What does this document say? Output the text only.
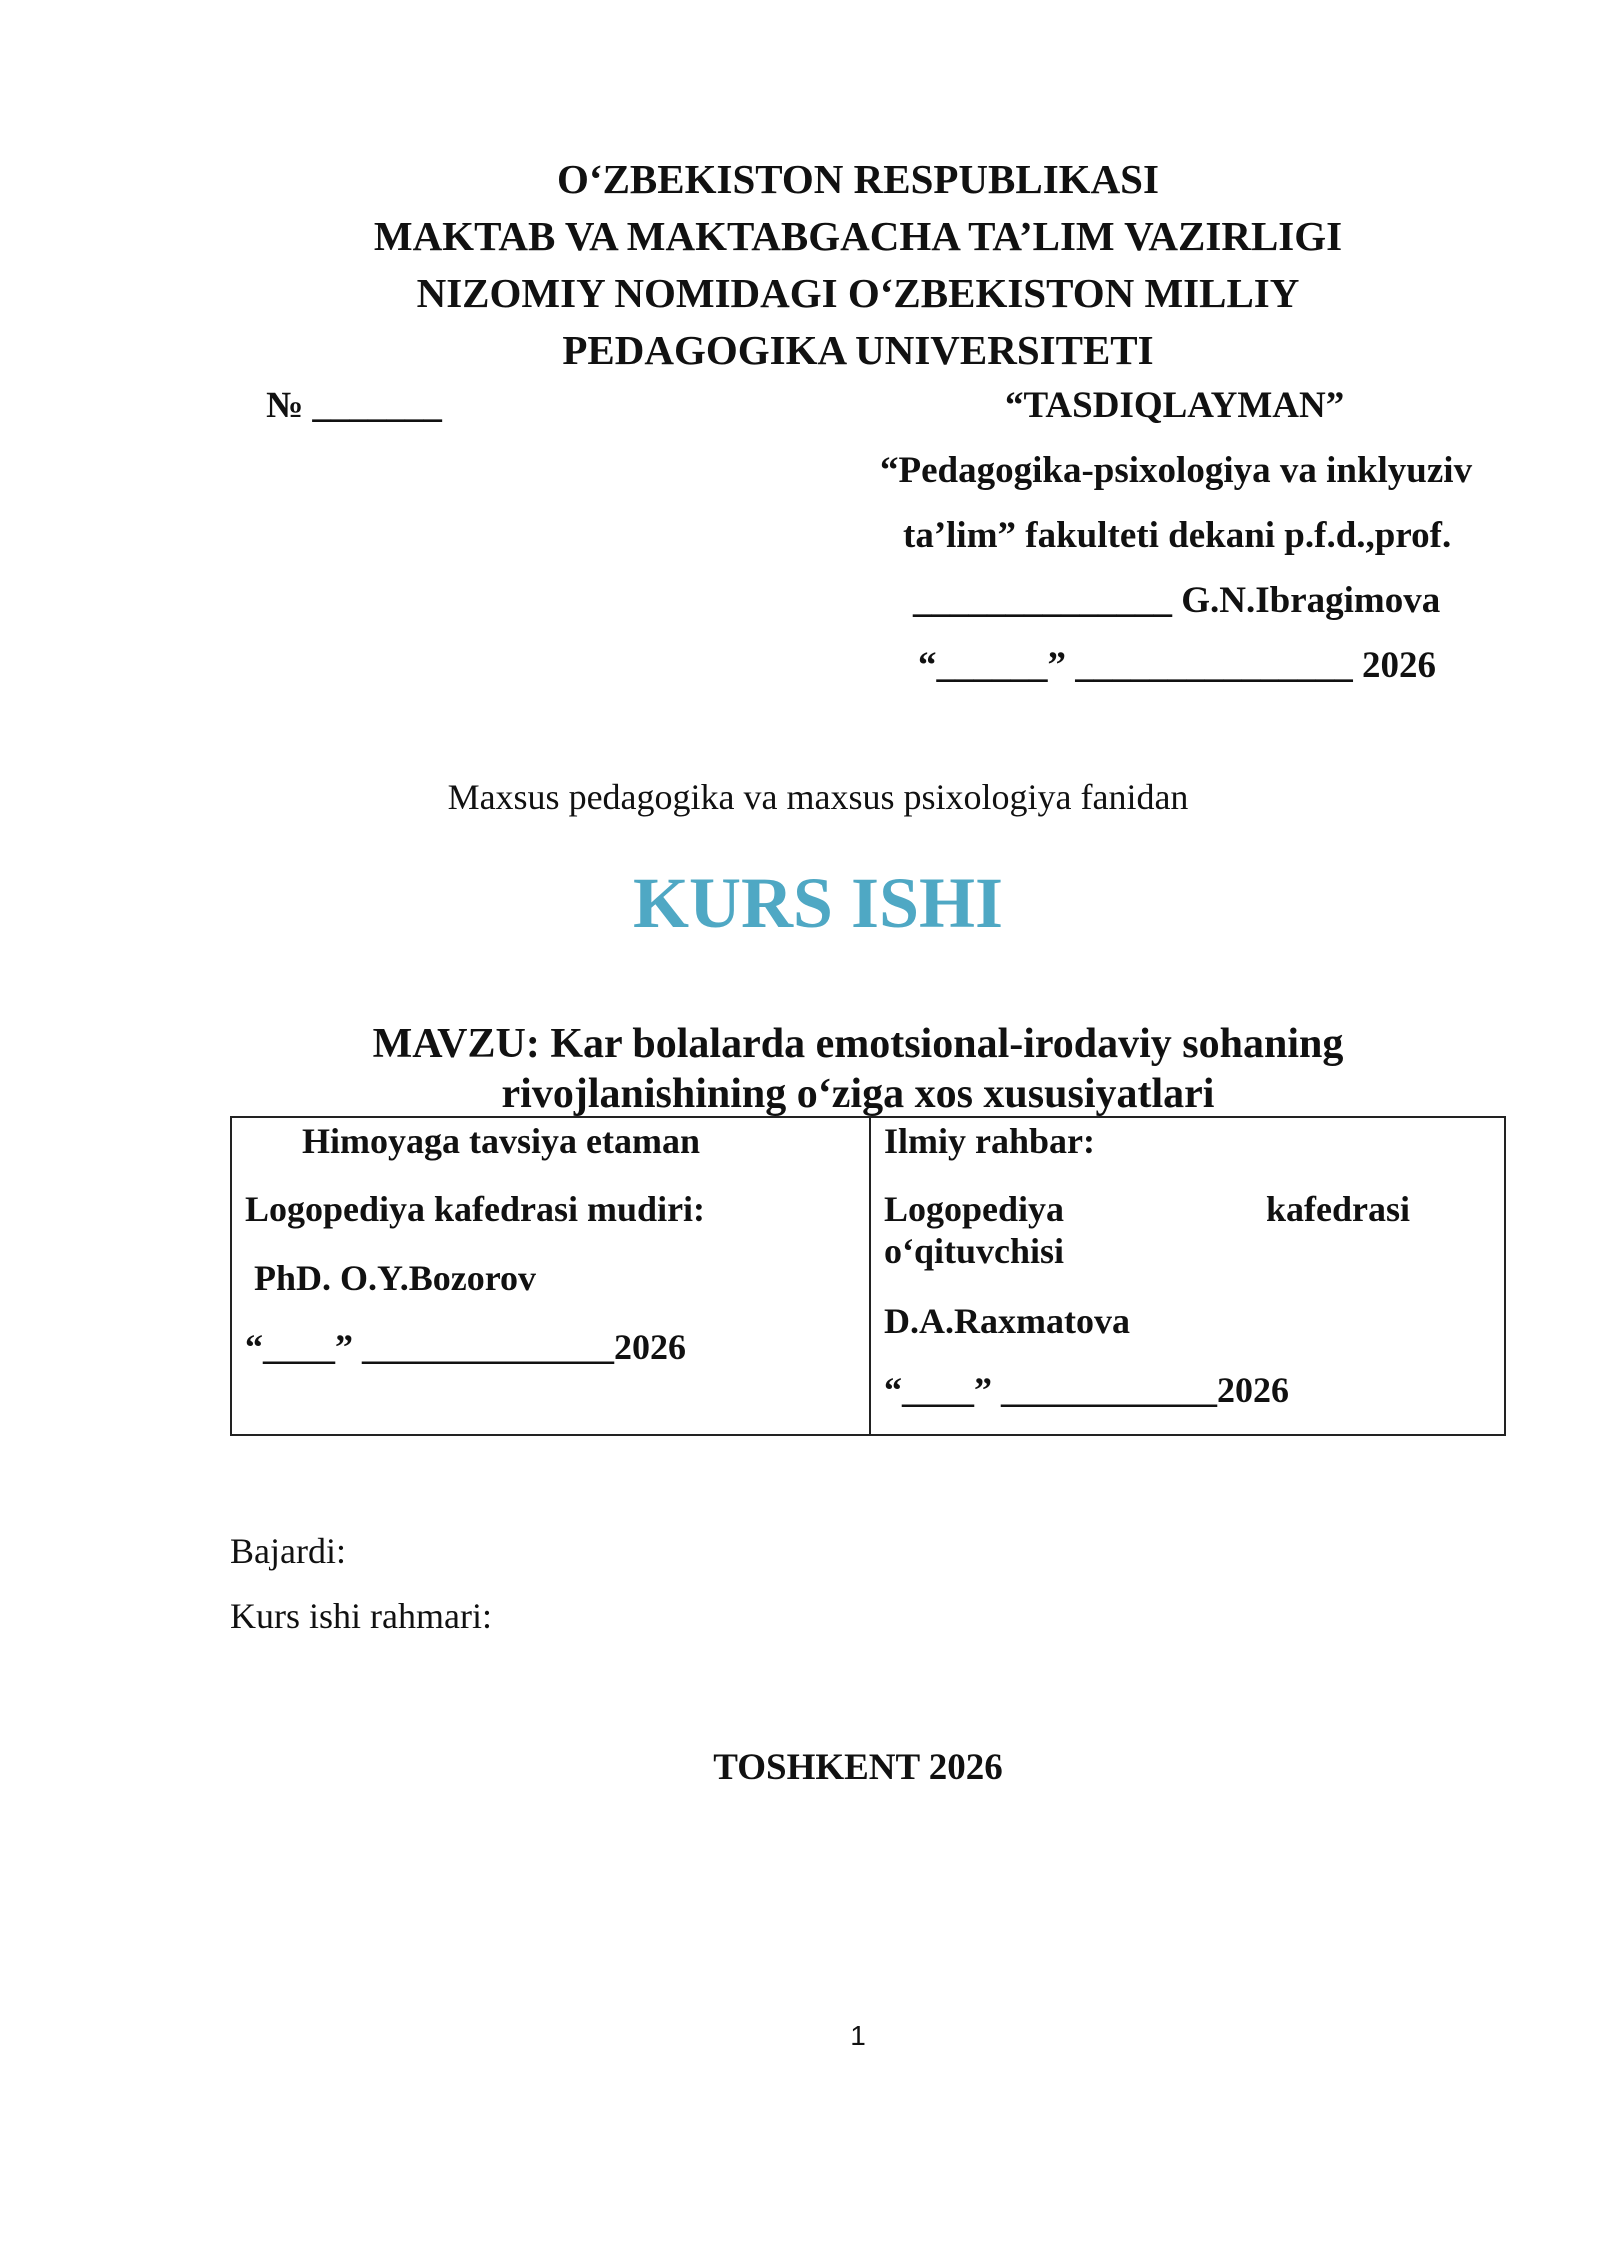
O‘ZBEKISTON RESPUBLIKASI
MAKTAB VA MAKTABGACHA TA’LIM VAZIRLIGI
NIZOMIY NOMIDAGI O‘ZBEKISTON MILLIY
PEDAGOGIKA UNIVERSITETI
№ _______	“TASDIQLAYMAN”
“Pedagogika-psixologiya va inklyuziv
ta’lim” fakulteti dekani p.f.d.,prof.
______________ G.N.Ibragimova
“______” _______________ 2026
Maxsus pedagogika va maxsus psixologiya fanidan
KURS ISHI
MAVZU: Kar bolalarda emotsional-irodaviy sohaning
rivojlanishining o‘ziga xos xususiyatlari
Himoyaga tavsiya etaman
Logopediya kafedrasi mudiri:
PhD. O.Y.Bozorov
“____” ______________2026
Ilmiy rahbar:
Logopediya	kafedrasi
o‘qituvchisi
D.A.Raxmatova
“____” ____________2026
Bajardi:
Kurs ishi rahmari:
TOSHKENT 2026
1
